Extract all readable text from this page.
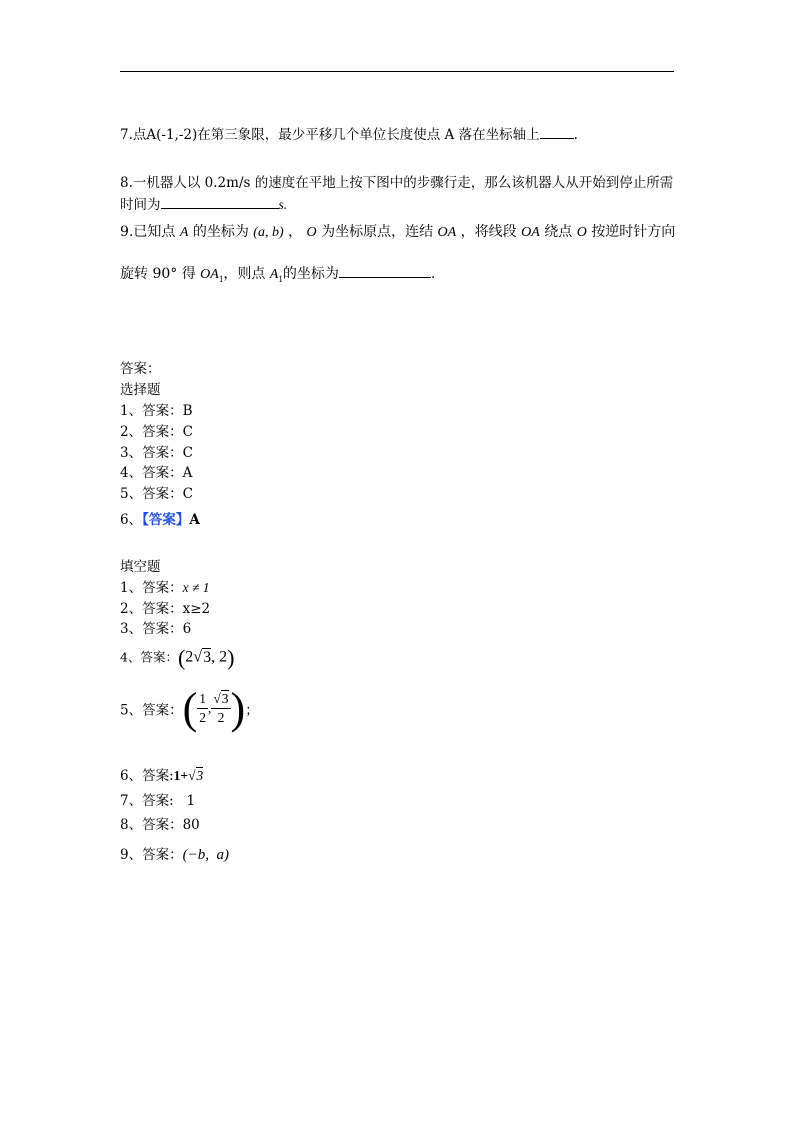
7.点A(-1,-2)在第三象限，最少平移几个单位长度使点 A 落在坐标轴上	.
8.一机器人以 0.2m/s 的速度在平地上按下图中的步骤行走，那么该机器人从开始到停止所需
时间为	s.
9.已知点 A 的坐标为 (a, b) ， O 为坐标原点，连结 OA ，将线段 OA 绕点 O 按逆时针方向
旋转 90° 得 $OA_1$，则点 $A_1$的坐标为	.
答案：
选择题
1、答案：B
2、答案：C
3、答案：C
4、答案：A
5、答案：C
6、【答案】A
填空题
1、答案：x ≠ 1
2、答案：x≥2
3、答案：6
4、答案：(2√3, 2)
5、答案：( $\frac{1}{2}$ , $\frac{√3}{2}$ )；
6、答案:1+√3
7、答案:   1
8、答案：80
9、答案：(−b,  a)
